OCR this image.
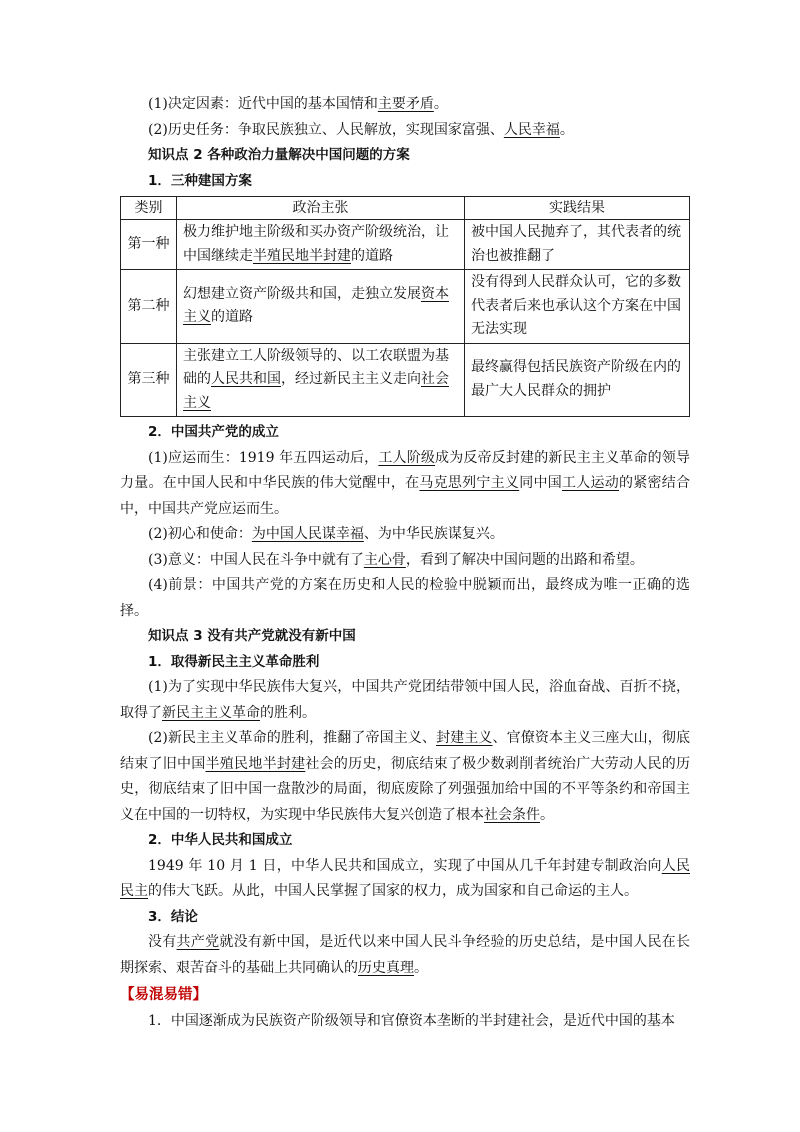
(1)决定因素：近代中国的基本国情和主要矛盾。

(2)历史任务：争取民族独立、人民解放，实现国家富强、人民幸福。

知识点 2 各种政治力量解决中国问题的方案

1．三种建国方案

类别	政治主张	实践结果
第一种	极力维护地主阶级和买办资产阶级统治，让中国继续走半殖民地半封建的道路	被中国人民抛弃了，其代表者的统治也被推翻了
第二种	幻想建立资产阶级共和国，走独立发展资本主义的道路	没有得到人民群众认可，它的多数代表者后来也承认这个方案在中国无法实现
第三种	主张建立工人阶级领导的、以工农联盟为基础的人民共和国，经过新民主主义走向社会主义	最终赢得包括民族资产阶级在内的最广大人民群众的拥护

2．中国共产党的成立

(1)应运而生：1919 年五四运动后，工人阶级成为反帝反封建的新民主主义革命的领导力量。在中国人民和中华民族的伟大觉醒中，在马克思列宁主义同中国工人运动的紧密结合中，中国共产党应运而生。

(2)初心和使命：为中国人民谋幸福、为中华民族谋复兴。

(3)意义：中国人民在斗争中就有了主心骨，看到了解决中国问题的出路和希望。

(4)前景：中国共产党的方案在历史和人民的检验中脱颖而出，最终成为唯一正确的选择。

知识点 3 没有共产党就没有新中国

1．取得新民主主义革命胜利

(1)为了实现中华民族伟大复兴，中国共产党团结带领中国人民，浴血奋战、百折不挠，取得了新民主主义革命的胜利。

(2)新民主主义革命的胜利，推翻了帝国主义、封建主义、官僚资本主义三座大山，彻底结束了旧中国半殖民地半封建社会的历史，彻底结束了极少数剥削者统治广大劳动人民的历史，彻底结束了旧中国一盘散沙的局面，彻底废除了列强强加给中国的不平等条约和帝国主义在中国的一切特权，为实现中华民族伟大复兴创造了根本社会条件。

2．中华人民共和国成立

1949 年 10 月 1 日，中华人民共和国成立，实现了中国从几千年封建专制政治向人民民主的伟大飞跃。从此，中国人民掌握了国家的权力，成为国家和自己命运的主人。

3．结论

没有共产党就没有新中国，是近代以来中国人民斗争经验的历史总结，是中国人民在长期探索、艰苦奋斗的基础上共同确认的历史真理。

【易混易错】

1．中国逐渐成为民族资产阶级领导和官僚资本垄断的半封建社会，是近代中国的基本
